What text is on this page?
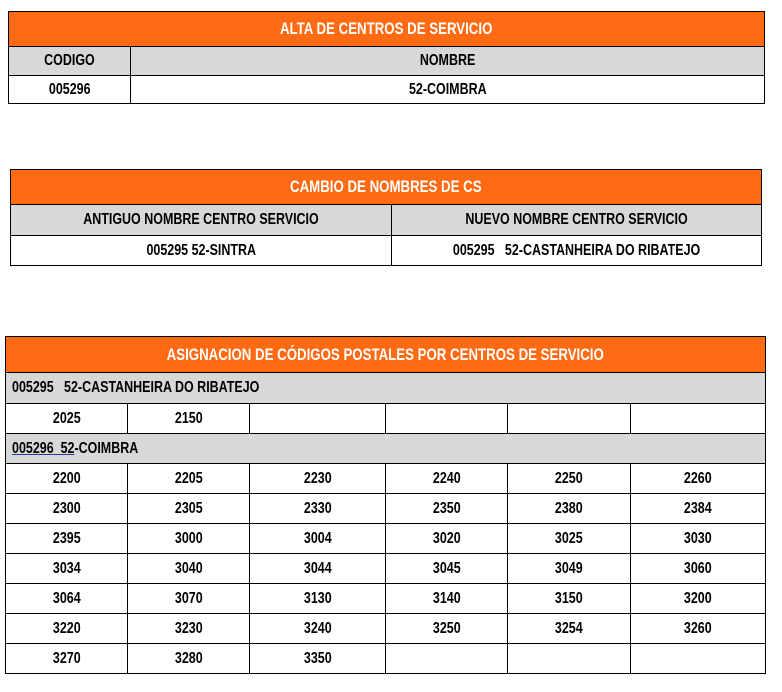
ALTA DE CENTROS DE SERVICIO	
CODIGO	NOMBRE
005296	52-COIMBRA
CAMBIO DE NOMBRES DE CS	
ANTIGUO NOMBRE CENTRO SERVICIO	NUEVO NOMBRE CENTRO SERVICIO
005295 52-SINTRA	005295   52-CASTANHEIRA DO RIBATEJO
ASIGNACION DE CÓDIGOS POSTALES POR CENTROS DE SERVICIO					
005295 52-CASTANHEIRA DO RIBATEJO					
2025	2150				
005296 52-COIMBRA					
2200	2205	2230	2240	2250	2260
2300	2305	2330	2350	2380	2384
2395	3000	3004	3020	3025	3030
3034	3040	3044	3045	3049	3060
3064	3070	3130	3140	3150	3200
3220	3230	3240	3250	3254	3260
3270	3280	3350			
